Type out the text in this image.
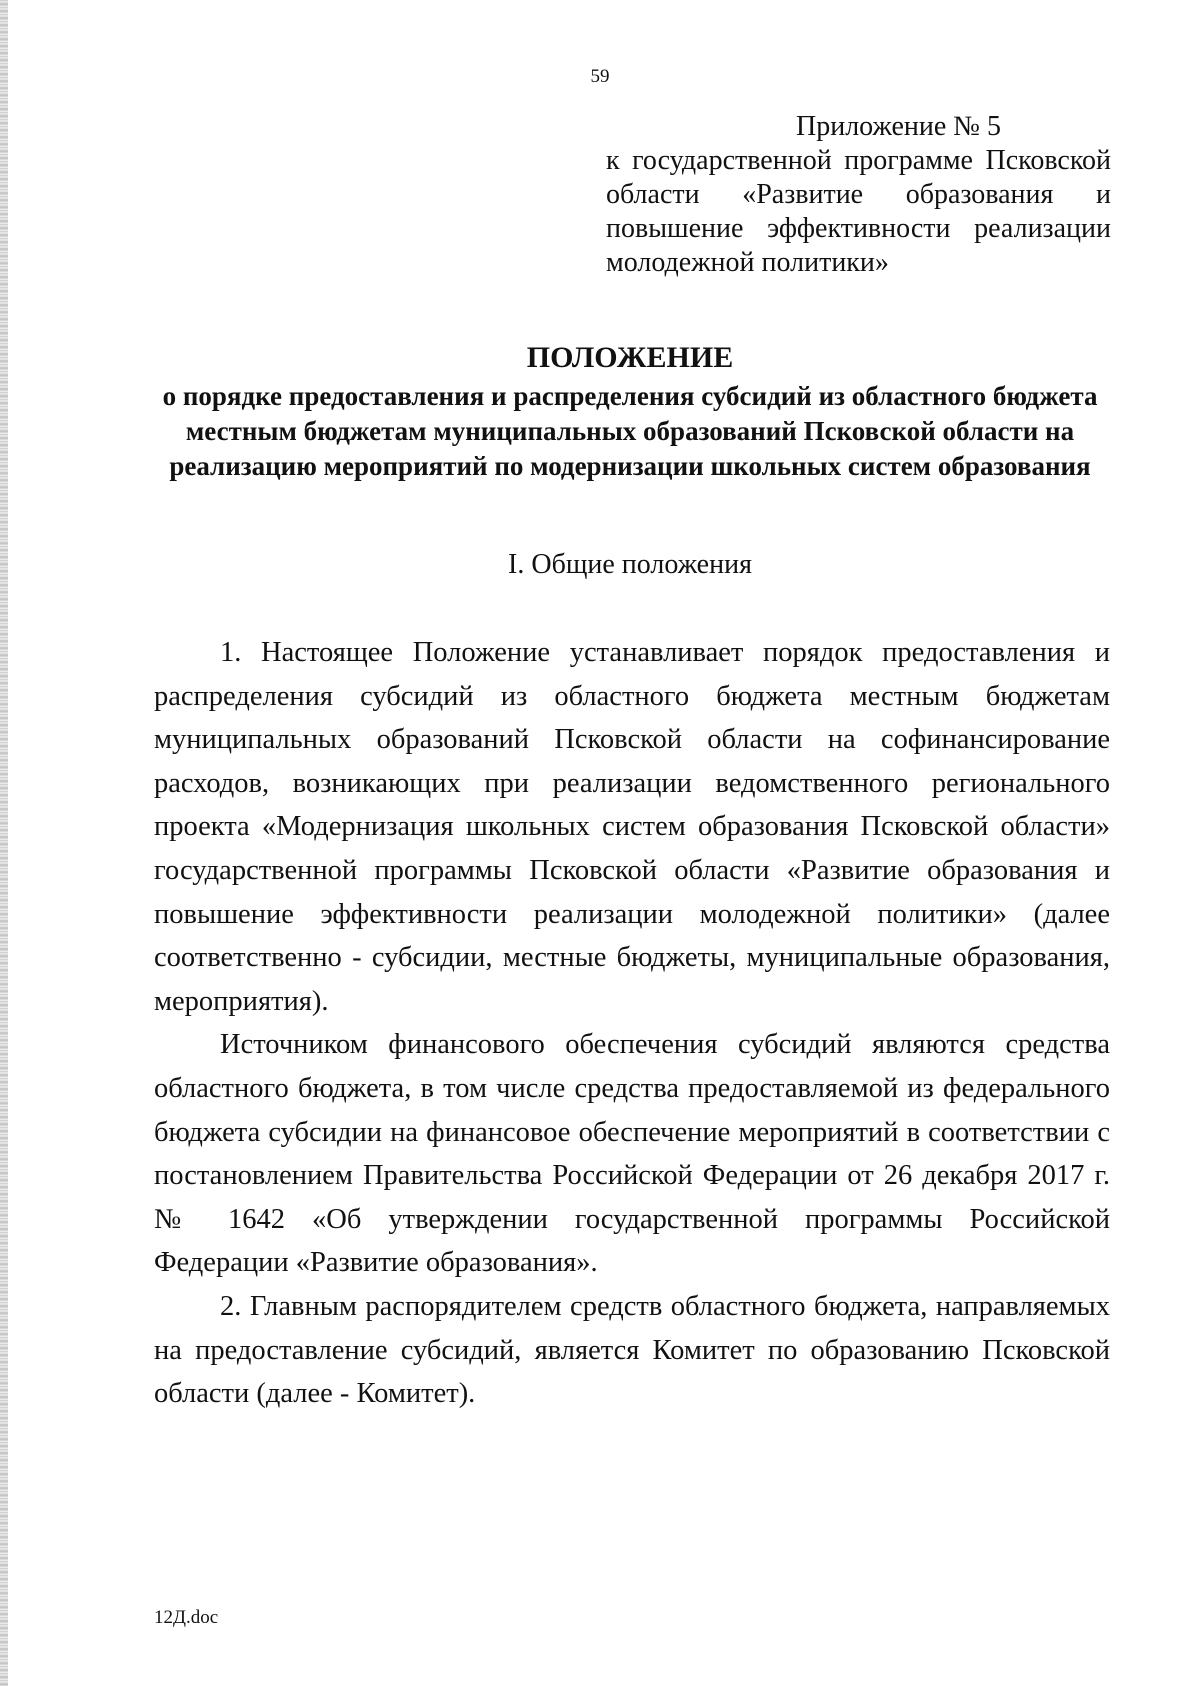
59
Приложение № 5
к государственной программе Псковской области «Развитие образования и повышение эффективности реализации молодежной политики»
ПОЛОЖЕНИЕ
о порядке предоставления и распределения субсидий из областного бюджета местным бюджетам муниципальных образований Псковской области на реализацию мероприятий по модернизации школьных систем образования
I. Общие положения

1. Настоящее Положение устанавливает порядок предоставления и распределения субсидий из областного бюджета местным бюджетам муниципальных образований Псковской области на софинансирование расходов, возникающих при реализации ведомственного регионального проекта «Модернизация школьных систем образования Псковской области» государственной программы Псковской области «Развитие образования и повышение эффективности реализации молодежной политики» (далее соответственно - субсидии, местные бюджеты, муниципальные образования, мероприятия).

Источником финансового обеспечения субсидий являются средства областного бюджета, в том числе средства предоставляемой из федерального бюджета субсидии на финансовое обеспечение мероприятий в соответствии с постановлением Правительства Российской Федерации от 26 декабря 2017 г. № 1642 «Об утверждении государственной программы Российской Федерации «Развитие образования».

2. Главным распорядителем средств областного бюджета, направляемых на предоставление субсидий, является Комитет по образованию Псковской области (далее - Комитет).

12Д.doc
